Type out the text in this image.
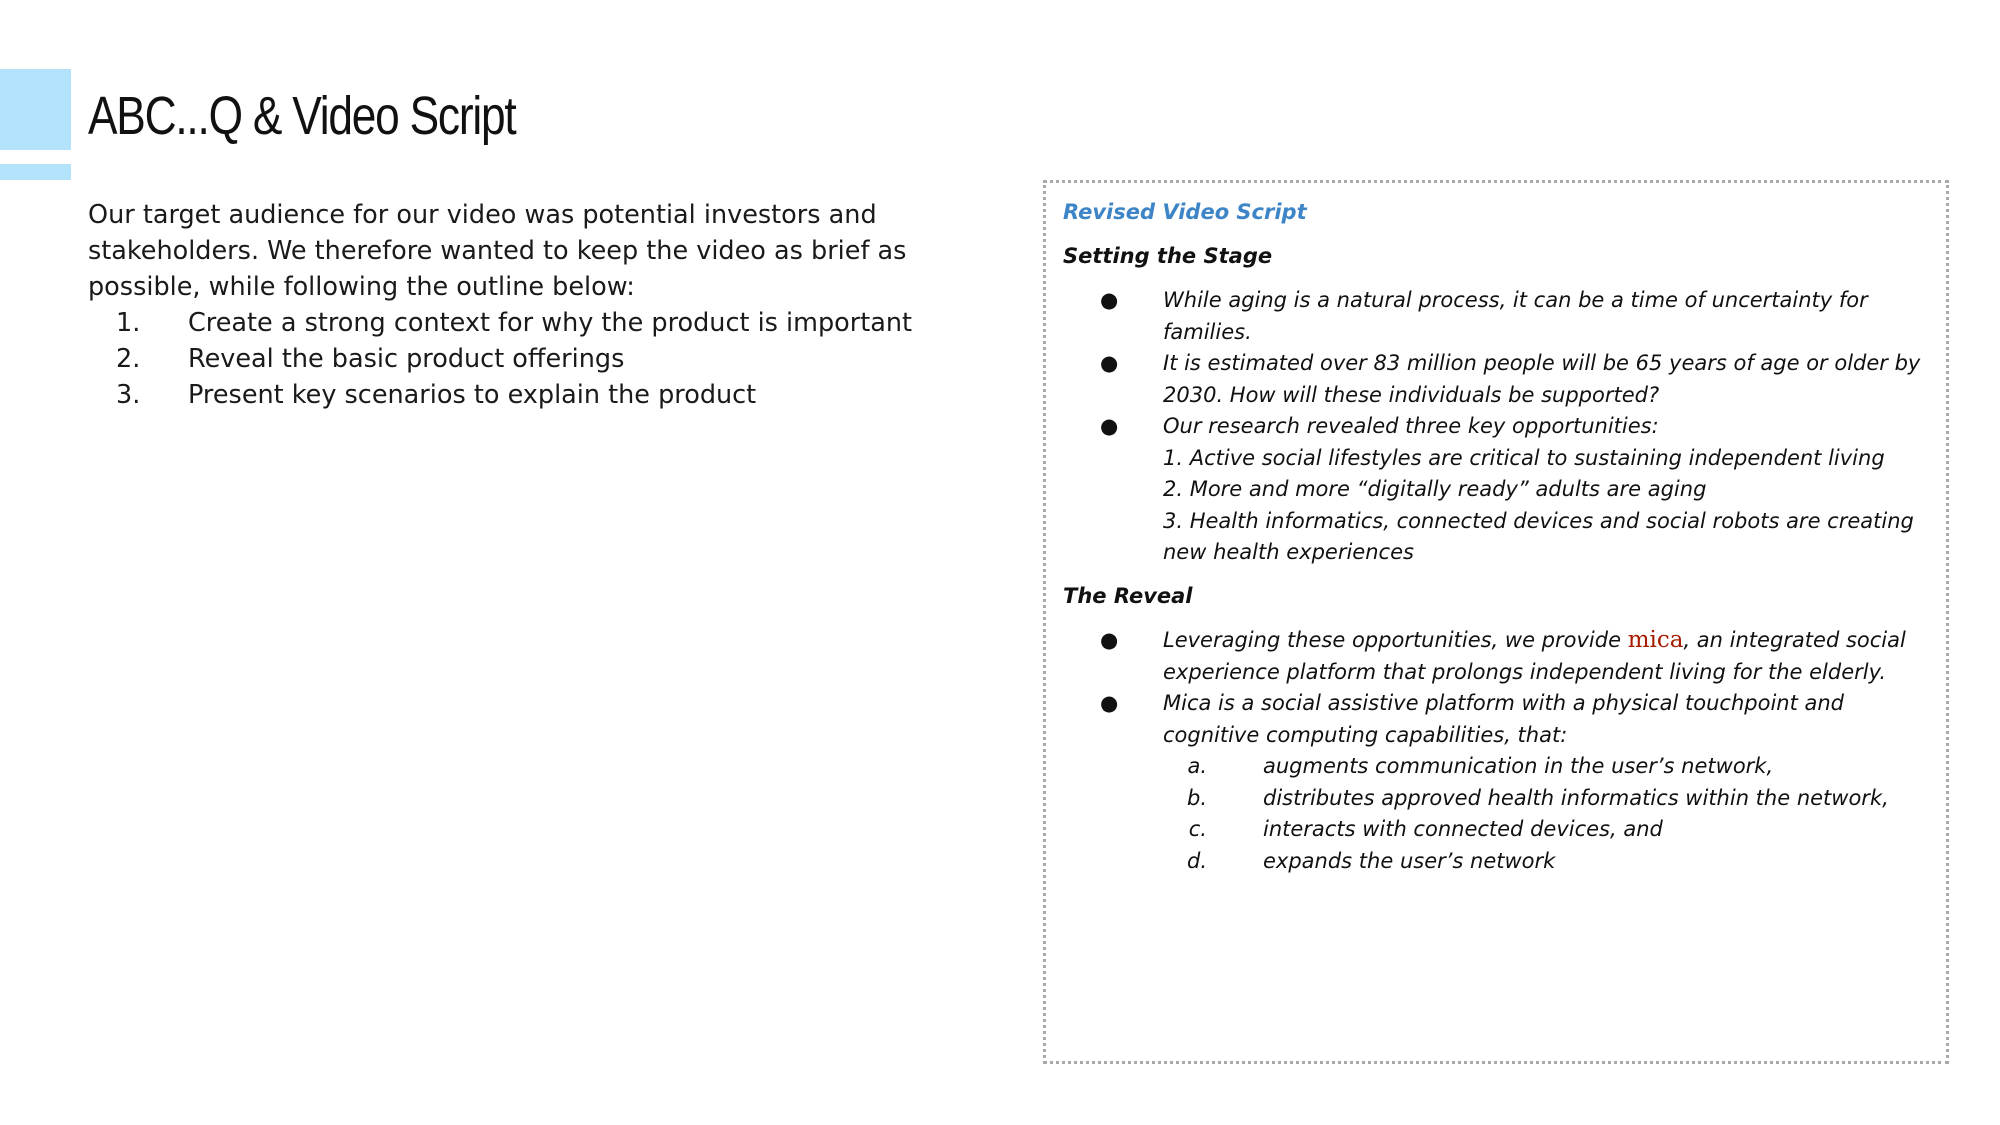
ABC...Q & Video Script

Our target audience for our video was potential investors and stakeholders. We therefore wanted to keep the video as brief as possible, while following the outline below:

1. Create a strong context for why the product is important
2. Reveal the basic product offerings
3. Present key scenarios to explain the product

Revised Video Script

Setting the Stage

● While aging is a natural process, it can be a time of uncertainty for families.
● It is estimated over 83 million people will be 65 years of age or older by 2030. How will these individuals be supported?
● Our research revealed three key opportunities:
1. Active social lifestyles are critical to sustaining independent living
2. More and more “digitally ready” adults are aging
3. Health informatics, connected devices and social robots are creating new health experiences

The Reveal

● Leveraging these opportunities, we provide mica, an integrated social experience platform that prolongs independent living for the elderly.
● Mica is a social assistive platform with a physical touchpoint and cognitive computing capabilities, that:
a.	augments communication in the user’s network,
b.	distributes approved health informatics within the network,
c.	interacts with connected devices, and
d.	expands the user’s network
